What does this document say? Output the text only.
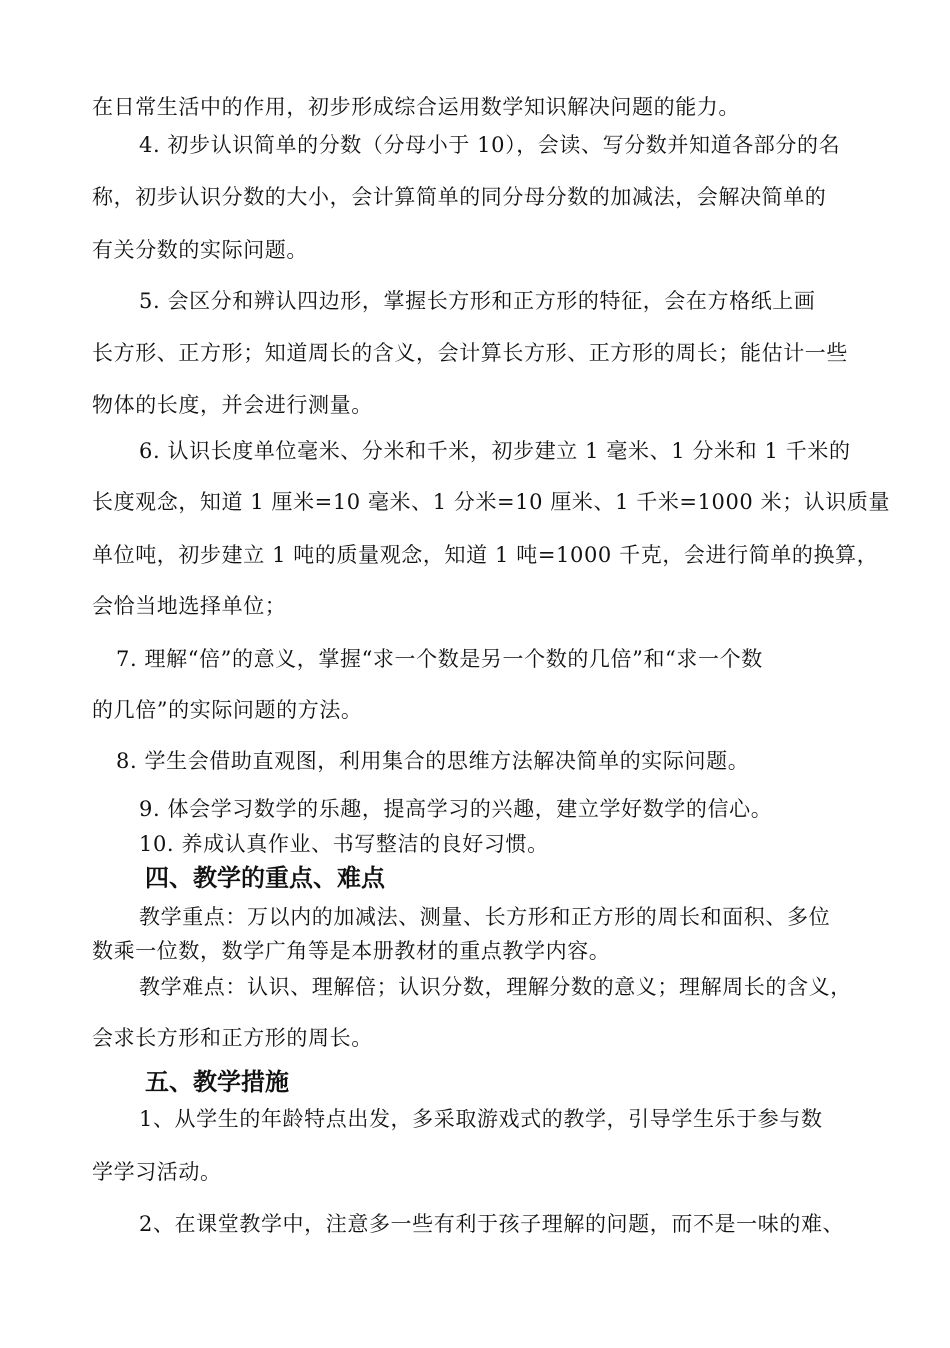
在日常生活中的作用，初步形成综合运用数学知识解决问题的能力。
4. 初步认识简单的分数（分母小于 10），会读、写分数并知道各部分的名
称，初步认识分数的大小，会计算简单的同分母分数的加减法，会解决简单的
有关分数的实际问题。
5. 会区分和辨认四边形，掌握长方形和正方形的特征，会在方格纸上画
长方形、正方形；知道周长的含义，会计算长方形、正方形的周长；能估计一些
物体的长度，并会进行测量。
6. 认识长度单位毫米、分米和千米，初步建立 1 毫米、1 分米和 1 千米的
长度观念，知道 1 厘米=10 毫米、1 分米=10 厘米、1 千米=1000 米；认识质量
单位吨，初步建立 1 吨的质量观念，知道 1 吨=1000 千克，会进行简单的换算，
会恰当地选择单位；
7. 理解“倍”的意义，掌握“求一个数是另一个数的几倍”和“求一个数
的几倍”的实际问题的方法。
8. 学生会借助直观图，利用集合的思维方法解决简单的实际问题。
9. 体会学习数学的乐趣，提高学习的兴趣，建立学好数学的信心。
10. 养成认真作业、书写整洁的良好习惯。
四、教学的重点、难点
教学重点：万以内的加减法、测量、长方形和正方形的周长和面积、多位
数乘一位数，数学广角等是本册教材的重点教学内容。
教学难点：认识、理解倍；认识分数，理解分数的意义；理解周长的含义，
会求长方形和正方形的周长。
五、教学措施
1、从学生的年龄特点出发，多采取游戏式的教学，引导学生乐于参与数
学学习活动。
2、在课堂教学中，注意多一些有利于孩子理解的问题，而不是一味的难、
